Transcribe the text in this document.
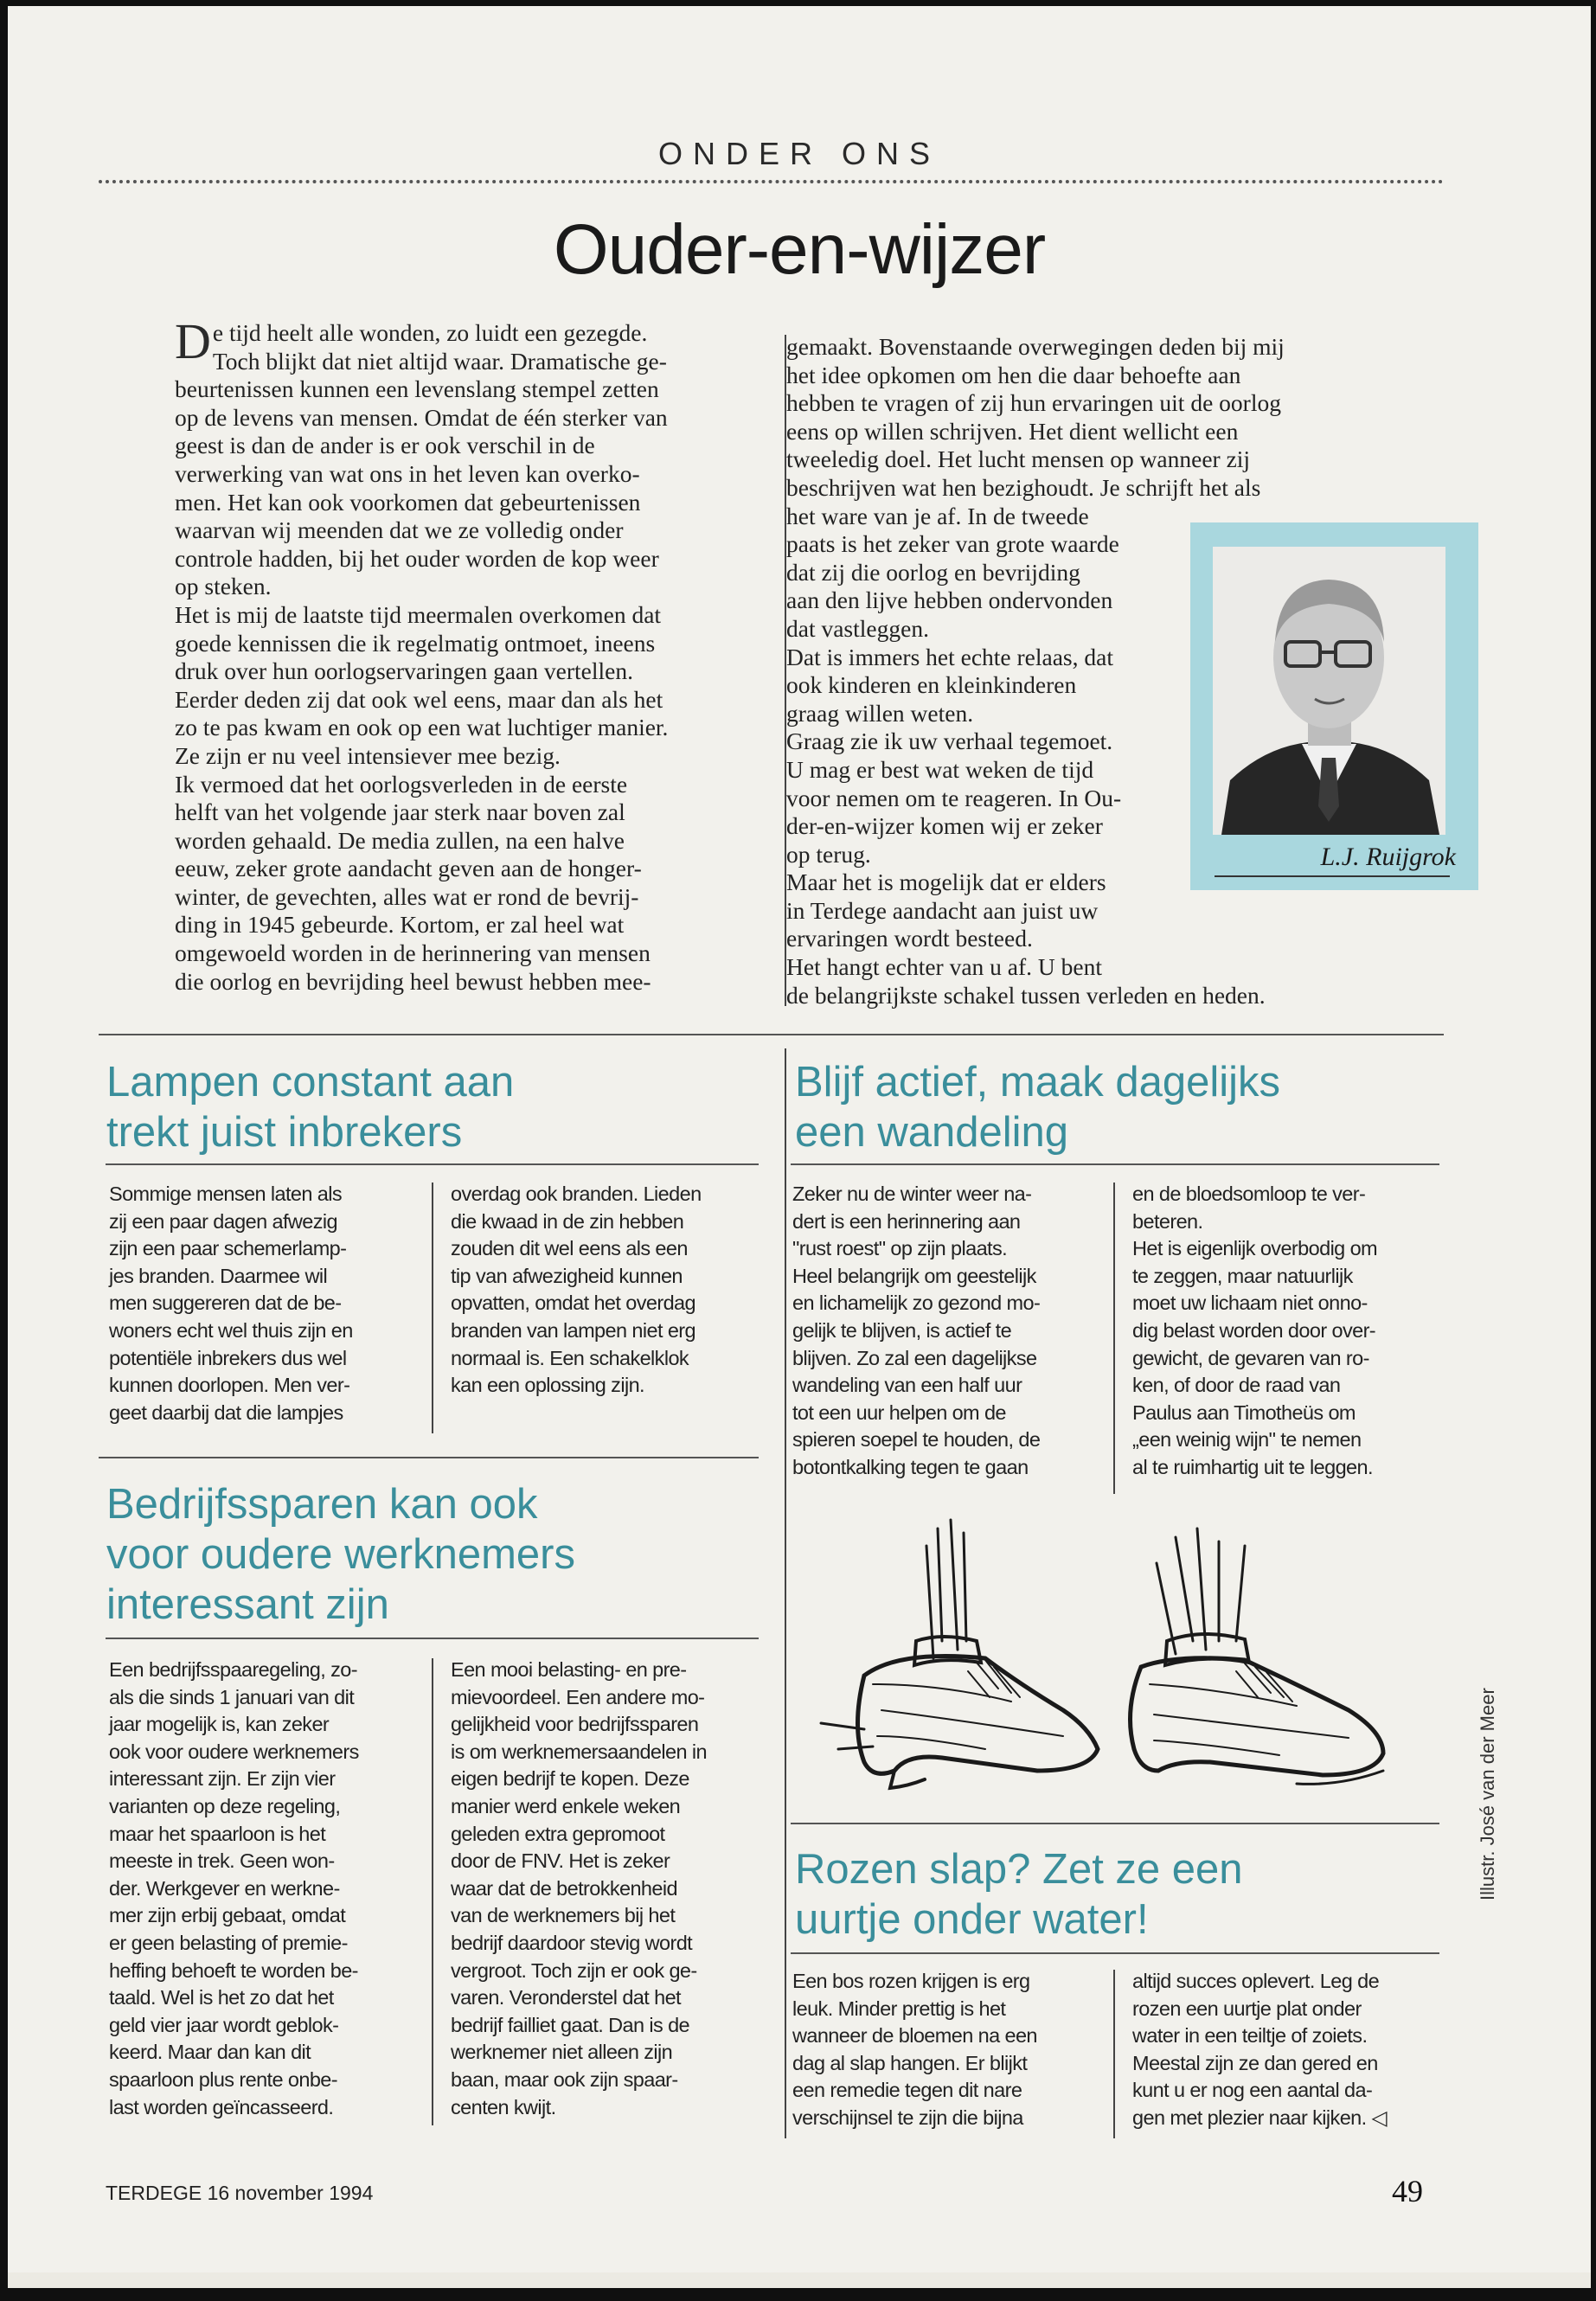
ONDER ONS
Ouder-en-wijzer
D e tijd heelt alle wonden, zo luidt een gezegde.

Toch blijkt dat niet altijd waar. Dramatische ge-

beurtenissen kunnen een levenslang stempel zetten

op de levens van mensen. Omdat de één sterker van

geest is dan de ander is er ook verschil in de

verwerking van wat ons in het leven kan overko-

men. Het kan ook voorkomen dat gebeurtenissen

waarvan wij meenden dat we ze volledig onder

controle hadden, bij het ouder worden de kop weer

op steken.

Het is mij de laatste tijd meermalen overkomen dat

goede kennissen die ik regelmatig ontmoet, ineens

druk over hun oorlogservaringen gaan vertellen.

Eerder deden zij dat ook wel eens, maar dan als het

zo te pas kwam en ook op een wat luchtiger manier.

Ze zijn er nu veel intensiever mee bezig.

Ik vermoed dat het oorlogsverleden in de eerste

helft van het volgende jaar sterk naar boven zal

worden gehaald. De media zullen, na een halve

eeuw, zeker grote aandacht geven aan de honger-

winter, de gevechten, alles wat er rond de bevrij-

ding in 1945 gebeurde. Kortom, er zal heel wat

omgewoeld worden in de herinnering van mensen

die oorlog en bevrijding heel bewust hebben mee-

gemaakt. Bovenstaande overwegingen deden bij mij

het idee opkomen om hen die daar behoefte aan

hebben te vragen of zij hun ervaringen uit de oorlog

eens op willen schrijven. Het dient wellicht een

tweeledig doel. Het lucht mensen op wanneer zij

beschrijven wat hen bezighoudt. Je schrijft het als

het ware van je af. In de tweede

paats is het zeker van grote waarde

dat zij die oorlog en bevrijding

aan den lijve hebben ondervonden

dat vastleggen.

Dat is immers het echte relaas, dat

ook kinderen en kleinkinderen

graag willen weten.

Graag zie ik uw verhaal tegemoet.

U mag er best wat weken de tijd

voor nemen om te reageren. In Ou-

der-en-wijzer komen wij er zeker

op terug.

Maar het is mogelijk dat er elders

in Terdege aandacht aan juist uw

ervaringen wordt besteed.

Het hangt echter van u af. U bent

de belangrijkste schakel tussen verleden en heden.

L.J. Ruijgrok
Lampen constant aan
trekt juist inbrekers

Sommige mensen laten als

zij een paar dagen afwezig

zijn een paar schemerlamp-

jes branden. Daarmee wil

men suggereren dat de be-

woners echt wel thuis zijn en

potentiële inbrekers dus wel

kunnen doorlopen. Men ver-

geet daarbij dat die lampjes

overdag ook branden. Lieden

die kwaad in de zin hebben

zouden dit wel eens als een

tip van afwezigheid kunnen

opvatten, omdat het overdag

branden van lampen niet erg

normaal is. Een schakelklok

kan een oplossing zijn.

Bedrijfssparen kan ook
voor oudere werknemers
interessant zijn

Een bedrijfsspaaregeling, zo-

als die sinds 1 januari van dit

jaar mogelijk is, kan zeker

ook voor oudere werknemers

interessant zijn. Er zijn vier

varianten op deze regeling,

maar het spaarloon is het

meeste in trek. Geen won-

der. Werkgever en werkne-

mer zijn erbij gebaat, omdat

er geen belasting of premie-

heffing behoeft te worden be-

taald. Wel is het zo dat het

geld vier jaar wordt geblok-

keerd. Maar dan kan dit

spaarloon plus rente onbe-

last worden geïncasseerd.

Een mooi belasting- en pre-

mievoordeel. Een andere mo-

gelijkheid voor bedrijfssparen

is om werknemersaandelen in

eigen bedrijf te kopen. Deze

manier werd enkele weken

geleden extra gepromoot

door de FNV. Het is zeker

waar dat de betrokkenheid

van de werknemers bij het

bedrijf daardoor stevig wordt

vergroot. Toch zijn er ook ge-

varen. Veronderstel dat het

bedrijf failliet gaat. Dan is de

werknemer niet alleen zijn

baan, maar ook zijn spaar-

centen kwijt.

Blijf actief, maak dagelijks
een wandeling

Zeker nu de winter weer na-

dert is een herinnering aan

"rust roest" op zijn plaats.

Heel belangrijk om geestelijk

en lichamelijk zo gezond mo-

gelijk te blijven, is actief te

blijven. Zo zal een dagelijkse

wandeling van een half uur

tot een uur helpen om de

spieren soepel te houden, de

botontkalking tegen te gaan

en de bloedsomloop te ver-

beteren.

Het is eigenlijk overbodig om

te zeggen, maar natuurlijk

moet uw lichaam niet onno-

dig belast worden door over-

gewicht, de gevaren van ro-

ken, of door de raad van

Paulus aan Timotheüs om

„een weinig wijn" te nemen

al te ruimhartig uit te leggen.

Rozen slap? Zet ze een
uurtje onder water!

Een bos rozen krijgen is erg

leuk. Minder prettig is het

wanneer de bloemen na een

dag al slap hangen. Er blijkt

een remedie tegen dit nare

verschijnsel te zijn die bijna

altijd succes oplevert. Leg de

rozen een uurtje plat onder

water in een teiltje of zoiets.

Meestal zijn ze dan gered en

kunt u er nog een aantal da-

gen met plezier naar kijken. ◁

Illustr. José van der Meer
TERDEGE 16 november 1994	49
